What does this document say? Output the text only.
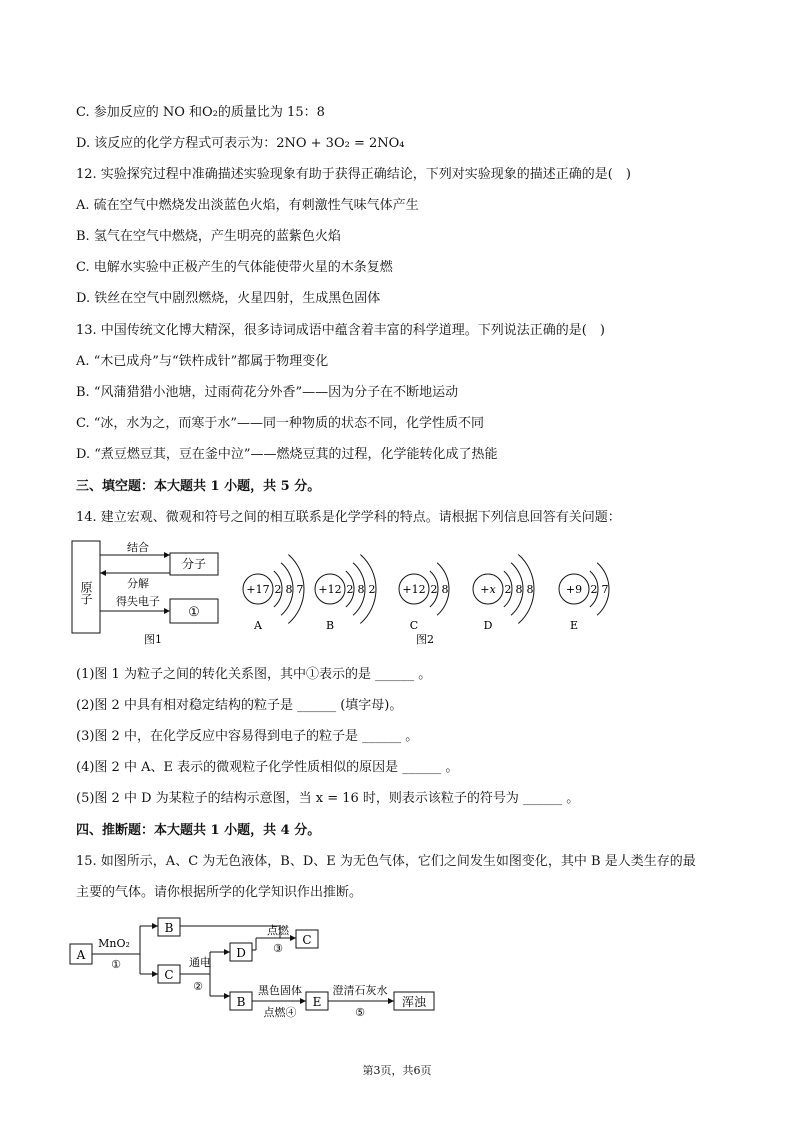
C. 参加反应的 NO 和O₂的质量比为 15：8
D. 该反应的化学方程式可表示为：2NO + 3O₂ = 2NO₄
12. 实验探究过程中准确描述实验现象有助于获得正确结论，下列对实验现象的描述正确的是(　)
A. 硫在空气中燃烧发出淡蓝色火焰，有刺激性气味气体产生
B. 氢气在空气中燃烧，产生明亮的蓝紫色火焰
C. 电解水实验中正极产生的气体能使带火星的木条复燃
D. 铁丝在空气中剧烈燃烧，火星四射，生成黑色固体
13. 中国传统文化博大精深，很多诗词成语中蕴含着丰富的科学道理。下列说法正确的是(　)
A. “木已成舟”与“铁杵成针”都属于物理变化
B. “风蒲猎猎小池塘，过雨荷花分外香”——因为分子在不断地运动
C. “冰，水为之，而寒于水”——同一种物质的状态不同，化学性质不同
D. “煮豆燃豆萁，豆在釜中泣”——燃烧豆萁的过程，化学能转化成了热能
三、填空题：本大题共 1 小题，共 5 分。
14. 建立宏观、微观和符号之间的相互联系是化学学科的特点。请根据下列信息回答有关问题：
原子
结合
分解
分子
得失电子
①
图1
+17 2 8 7
A
+12 2 8 2
B
+12 2 8
C
+x 2 8 8
D
+9 2 7
E
图2
(1)图 1 为粒子之间的转化关系图，其中①表示的是 ______ 。
(2)图 2 中具有相对稳定结构的粒子是 ______ (填字母)。
(3)图 2 中，在化学反应中容易得到电子的粒子是 ______ 。
(4)图 2 中 A、E 表示的微观粒子化学性质相似的原因是 ______ 。
(5)图 2 中 D 为某粒子的结构示意图，当 x = 16 时，则表示该粒子的符号为 ______ 。
四、推断题：本大题共 1 小题，共 4 分。
15. 如图所示，A、C 为无色液体，B、D、E 为无色气体，它们之间发生如图变化，其中 B 是人类生存的最
主要的气体。请你根据所学的化学知识作出推断。
A
MnO₂
①
B
C
点燃
③
C
通电
②
D
B
黑色固体
点燃④
E
澄清石灰水
⑤
浑浊
第3页，共6页
